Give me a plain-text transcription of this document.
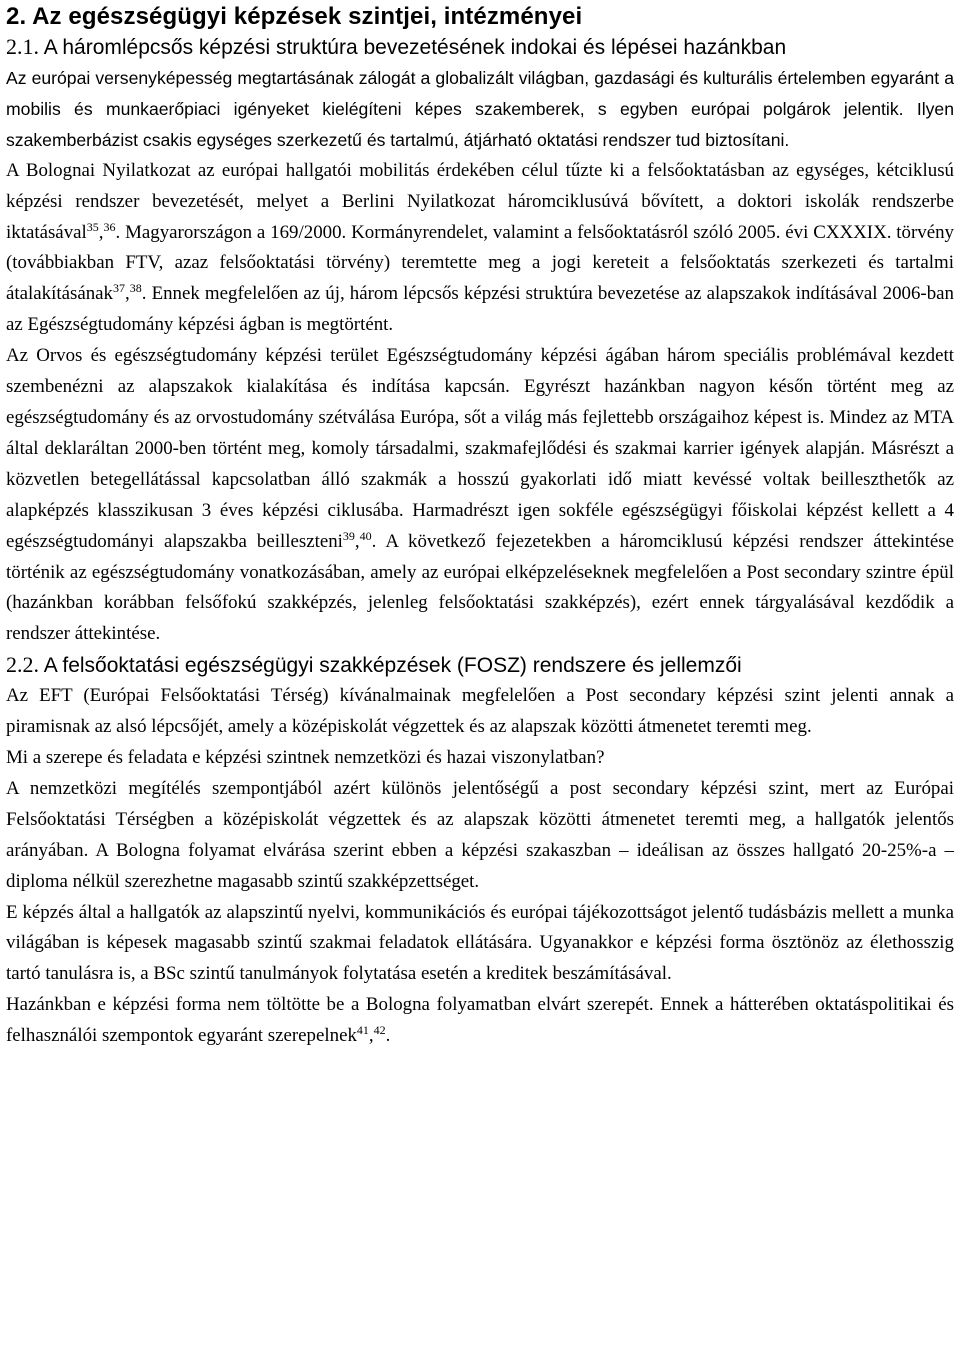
2. Az egészségügyi képzések szintjei, intézményei
2.1. A háromlépcsős képzési struktúra bevezetésének indokai és lépései hazánkban

Az európai versenyképesség megtartásának zálogát a globalizált világban, gazdasági és kulturális értelemben egyaránt a mobilis és munkaerőpiaci igényeket kielégíteni képes szakemberek, s egyben európai polgárok jelentik. Ilyen szakemberbázist csakis egységes szerkezetű és tartalmú, átjárható oktatási rendszer tud biztosítani.

A Bolognai Nyilatkozat az európai hallgatói mobilitás érdekében célul tűzte ki a felsőoktatásban az egységes, kétciklusú képzési rendszer bevezetését, melyet a Berlini Nyilatkozat háromciklusúvá bővített, a doktori iskolák rendszerbe iktatásával$^{35}$,$^{36}$. Magyarországon a 169/2000. Kormányrendelet, valamint a felsőoktatásról szóló 2005. évi CXXXIX. törvény (továbbiakban FTV, azaz felsőoktatási törvény) teremtette meg a jogi kereteit a felsőoktatás szerkezeti és tartalmi átalakításának$^{37}$,$^{38}$. Ennek megfelelően az új, három lépcsős képzési struktúra bevezetése az alapszakok indításával 2006-ban az Egészségtudomány képzési ágban is megtörtént.

Az Orvos és egészségtudomány képzési terület Egészségtudomány képzési ágában három speciális problémával kezdett szembenézni az alapszakok kialakítása és indítása kapcsán. Egyrészt hazánkban nagyon későn történt meg az egészségtudomány és az orvostudomány szétválása Európa, sőt a világ más fejlettebb országaihoz képest is. Mindez az MTA által deklaráltan 2000-ben történt meg, komoly társadalmi, szakmafejlődési és szakmai karrier igények alapján. Másrészt a közvetlen betegellátással kapcsolatban álló szakmák a hosszú gyakorlati idő miatt kevéssé voltak beilleszthetők az alapképzés klasszikusan 3 éves képzési ciklusába. Harmadrészt igen sokféle egészségügyi főiskolai képzést kellett a 4 egészségtudományi alapszakba beilleszteni$^{39}$,$^{40}$. A következő fejezetekben a háromciklusú képzési rendszer áttekintése történik az egészségtudomány vonatkozásában, amely az európai elképzeléseknek megfelelően a Post secondary szintre épül (hazánkban korábban felsőfokú szakképzés, jelenleg felsőoktatási szakképzés), ezért ennek tárgyalásával kezdődik a rendszer áttekintése.

2.2. A felsőoktatási egészségügyi szakképzések (FOSZ) rendszere és jellemzői

Az EFT (Európai Felsőoktatási Térség) kívánalmainak megfelelően a Post secondary képzési szint jelenti annak a piramisnak az alsó lépcsőjét, amely a középiskolát végzettek és az alapszak közötti átmenetet teremti meg.

Mi a szerepe és feladata e képzési szintnek nemzetközi és hazai viszonylatban?

A nemzetközi megítélés szempontjából azért különös jelentőségű a post secondary képzési szint, mert az Európai Felsőoktatási Térségben a középiskolát végzettek és az alapszak közötti átmenetet teremti meg, a hallgatók jelentős arányában. A Bologna folyamat elvárása szerint ebben a képzési szakaszban – ideálisan az összes hallgató 20-25%-a – diploma nélkül szerezhetne magasabb szintű szakképzettséget.

E képzés által a hallgatók az alapszintű nyelvi, kommunikációs és európai tájékozottságot jelentő tudásbázis mellett a munka világában is képesek magasabb szintű szakmai feladatok ellátására. Ugyanakkor e képzési forma ösztönöz az élethosszig tartó tanulásra is, a BSc szintű tanulmányok folytatása esetén a kreditek beszámításával.

Hazánkban e képzési forma nem töltötte be a Bologna folyamatban elvárt szerepét. Ennek a hátterében oktatáspolitikai és felhasználói szempontok egyaránt szerepelnek$^{41}$,$^{42}$.
